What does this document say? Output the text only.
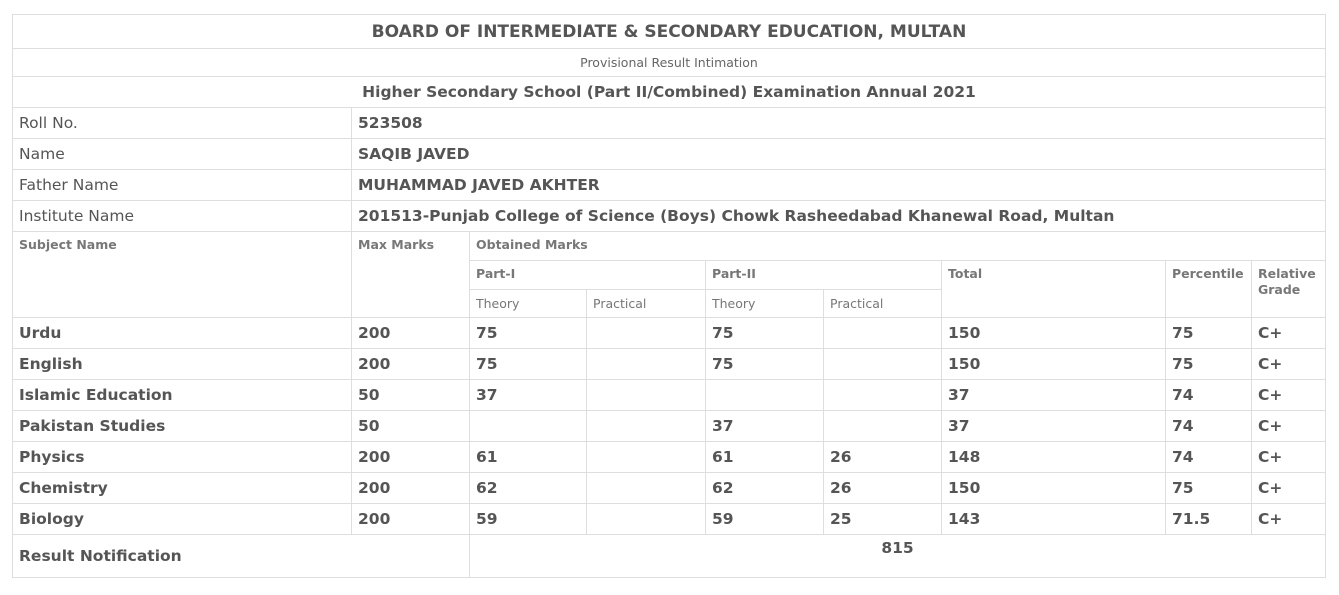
BOARD OF INTERMEDIATE & SECONDARY EDUCATION, MULTAN								
Provisional Result Intimation								
Higher Secondary School (Part II/Combined) Examination Annual 2021								
Roll No.	523508							
Name	SAQIB JAVED							
Father Name	MUHAMMAD JAVED AKHTER							
Institute Name	201513-Punjab College of Science (Boys) Chowk Rasheedabad Khanewal Road, Multan							
Subject Name	Max Marks	Obtained Marks						
		Part-I		Part-II		Total	Percentile	Relative Grade
		Theory	Practical	Theory	Practical			
Urdu	200	75		75		150	75	C+
English	200	75		75		150	75	C+
Islamic Education	50	37				37	74	C+
Pakistan Studies	50			37		37	74	C+
Physics	200	61		61	26	148	74	C+
Chemistry	200	62		62	26	150	75	C+
Biology	200	59		59	25	143	71.5	C+
Result Notification		815						
